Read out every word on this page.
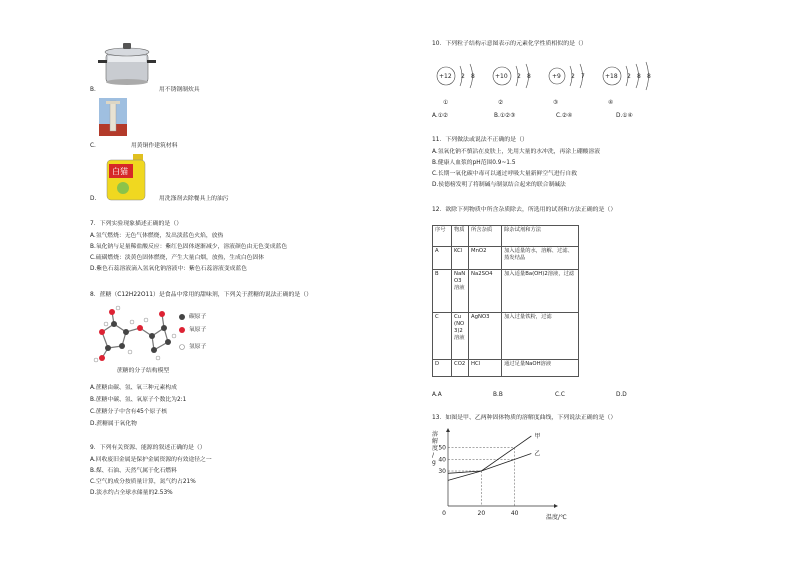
B.	用不锈钢制炊具
用黄铜作建筑材料
C.
白猫
D.	用洗涤剂去除餐具上的油污
7．下列实验现象描述正确的是（）
A.氢气燃烧：无色气体燃烧，发出淡蓝色火焰，放热
B.氧化钠与足量稀盐酸反应：紫红色固体逐渐减少，溶液颜色由无色变成蓝色
C.硫磺燃烧：淡黄色固体燃烧，产生大量白烟，放热，生成白色固体
D.紫色石蕊溶液滴入氢氧化钠溶液中：紫色石蕊溶液变成蓝色
8．蔗糖（C12H22O11）是食品中常用的甜味剂，下列关于蔗糖的说法正确的是（）
碳原子
氧原子
氢原子
蔗糖的分子结构模型
A.蔗糖由碳、氢、氧三种元素构成
B.蔗糖中碳、氢、氧原子个数比为2:1
C.蔗糖分子中含有45个原子核
D.蔗糖属于氧化物
9．下列有关资源、能源的叙述正确的是（）
A.回收废旧金属是保护金属资源的有效途径之一
B.煤、石油、天然气属于化石燃料
C.空气的成分按质量计算，氮气约占21%
D.淡水约占全球水储量的2.53%
10．下列粒子结构示意图表示的元素化学性质相似的是（）
+12 2 8	+10 2 8	+9 2 7	+18 2 8 8
①	②	③	④
A.①②	B.①②③	C.②④	D.①④
11．下列做法或说法不正确的是（）
A.氢氧化钠不慎沾在皮肤上，先用大量的水冲洗，再涂上硼酸溶液
B.健康人血浆的pH范围0.9~1.5
C.长期一氧化碳中毒可以通过呼吸大量新鲜空气进行自救
D.侯德榜发明了将制碱与制氨结合起来的联合制碱法
12．欲除下列物质中所含杂质除去，所选用的试剂和方法正确的是（）
序号	物质	所含杂质	除杂试剂和方法
A	KCl	MnO2	加入适量的水，溶解、过滤、蒸发结晶
B	NaNO3溶液	Na2SO4	加入适量Ba(OH)2溶液，过滤
C	Cu(NO3)2溶液	AgNO3	加入过量铁粉，过滤
D	CO2	HCl	通过足量NaOH溶液
A.A	B.B	C.C	D.D
13．如图是甲、乙两种固体物质的溶解度曲线，下列说法正确的是（）
溶
解
度
/
g
温度/℃
0
30
40
50
20	40
甲
乙
